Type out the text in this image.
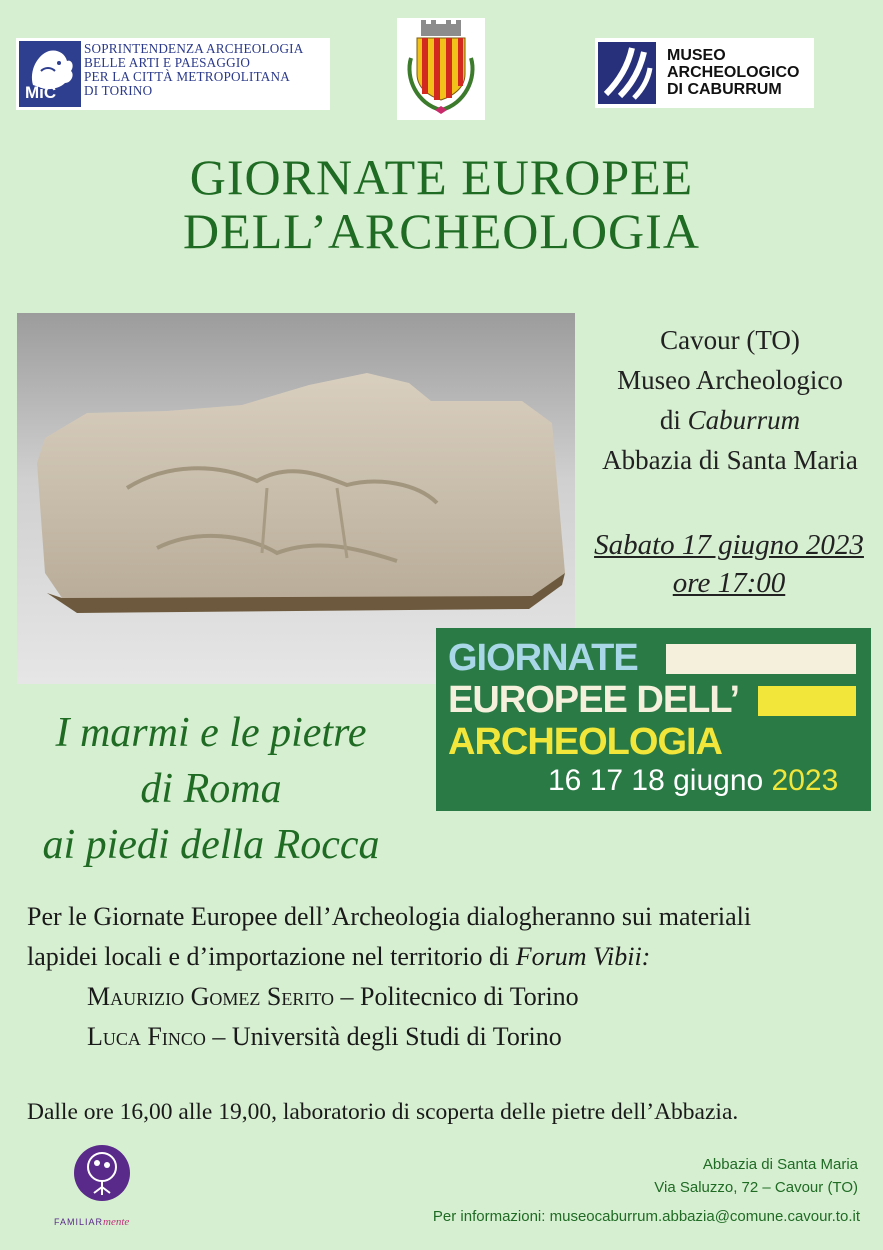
MiC
SOPRINTENDENZA ARCHEOLOGIA
BELLE ARTI E PAESAGGIO
PER LA CITTÀ METROPOLITANA
DI TORINO
MUSEO
ARCHEOLOGICO
DI CABURRUM
GIORNATE EUROPEE
DELL’ARCHEOLOGIA
Cavour (TO)
Museo Archeologico
di Caburrum
Abbazia di Santa Maria
Sabato 17 giugno 2023
ore 17:00
GIORNATE
EUROPEE DELL’
ARCHEOLOGIA
16 17 18 giugno 2023
I marmi e le pietre
di Roma
ai piedi della Rocca
Per le Giornate Europee dell’Archeologia dialogheranno sui materiali
lapidei locali e d’importazione nel territorio di Forum Vibii:
Maurizio Gomez Serito – Politecnico di Torino
Luca Finco – Università degli Studi di Torino
Dalle ore 16,00 alle 19,00, laboratorio di scoperta delle pietre dell’Abbazia.
FAMILIARmente
Abbazia di Santa Maria
Via Saluzzo, 72 – Cavour (TO)
Per informazioni: museocaburrum.abbazia@comune.cavour.to.it
